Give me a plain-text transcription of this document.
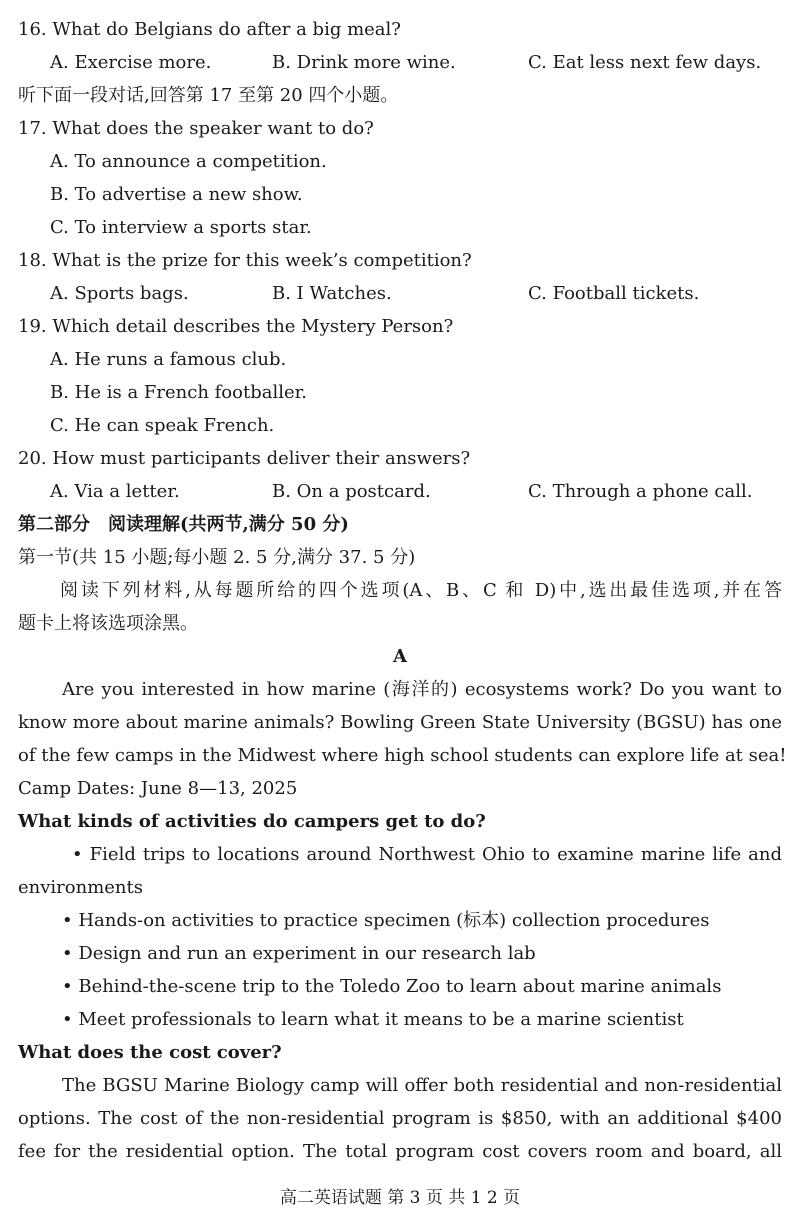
16. What do Belgians do after a big meal?
A. Exercise more.	B. Drink more wine.	C. Eat less next few days.
听下面一段对话,回答第 17 至第 20 四个小题。
17. What does the speaker want to do?
A. To announce a competition.
B. To advertise a new show.
C. To interview a sports star.
18. What is the prize for this week’s competition?
A. Sports bags.	B. I Watches.	C. Football tickets.
19. Which detail describes the Mystery Person?
A. He runs a famous club.
B. He is a French footballer.
C. He can speak French.
20. How must participants deliver their answers?
A. Via a letter.	B. On a postcard.	C. Through a phone call.
第二部分 阅读理解(共两节,满分 50 分)
第一节(共 15 小题;每小题 2. 5 分,满分 37. 5 分)
阅读下列材料,从每题所给的四个选项(A、B、C 和 D)中,选出最佳选项,并在答
题卡上将该选项涂黑。
A
Are you interested in how marine (海洋的) ecosystems work? Do you want to
know more about marine animals? Bowling Green State University (BGSU) has one
of the few camps in the Midwest where high school students can explore life at sea!
Camp Dates: June 8—13, 2025
What kinds of activities do campers get to do?
• Field trips to locations around Northwest Ohio to examine marine life and
environments
• Hands-on activities to practice specimen (标本) collection procedures
• Design and run an experiment in our research lab
• Behind-the-scene trip to the Toledo Zoo to learn about marine animals
• Meet professionals to learn what it means to be a marine scientist
What does the cost cover?
The BGSU Marine Biology camp will offer both residential and non-residential
options. The cost of the non-residential program is $850, with an additional $400
fee for the residential option. The total program cost covers room and board, all
高二英语试题 第 3 页 共 1 2 页
